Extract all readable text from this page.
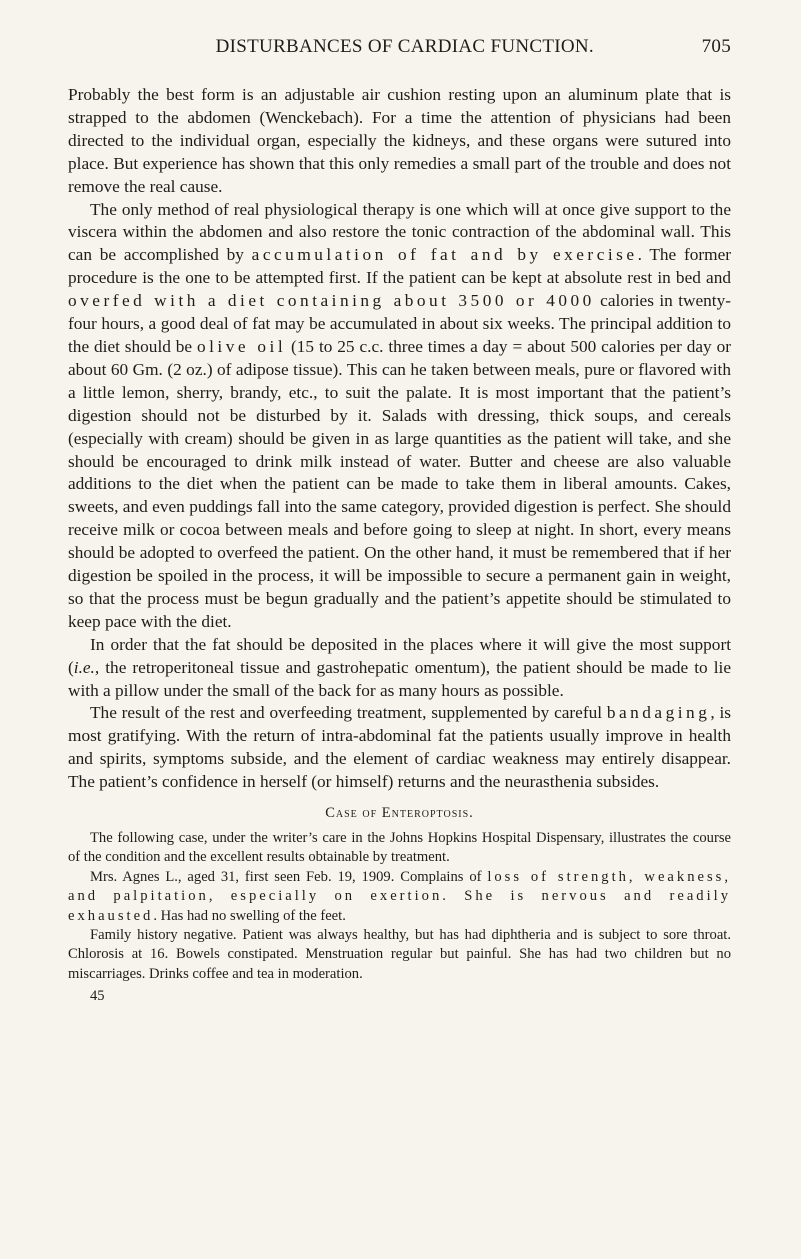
DISTURBANCES OF CARDIAC FUNCTION.	705

Probably the best form is an adjustable air cushion resting upon an aluminum plate that is strapped to the abdomen (Wenckebach). For a time the attention of physicians had been directed to the individual organ, especially the kidneys, and these organs were sutured into place. But experience has shown that this only remedies a small part of the trouble and does not remove the real cause.

The only method of real physiological therapy is one which will at once give support to the viscera within the abdomen and also restore the tonic contraction of the abdominal wall. This can be accomplished by accumulation of fat and by exercise. The former procedure is the one to be attempted first. If the patient can be kept at absolute rest in bed and overfed with a diet containing about 3500 or 4000 calories in twenty-four hours, a good deal of fat may be accumulated in about six weeks. The principal addition to the diet should be olive oil (15 to 25 c.c. three times a day = about 500 calories per day or about 60 Gm. (2 oz.) of adipose tissue). This can he taken between meals, pure or flavored with a little lemon, sherry, brandy, etc., to suit the palate. It is most important that the patient’s digestion should not be disturbed by it. Salads with dressing, thick soups, and cereals (especially with cream) should be given in as large quantities as the patient will take, and she should be encouraged to drink milk instead of water. Butter and cheese are also valuable additions to the diet when the patient can be made to take them in liberal amounts. Cakes, sweets, and even puddings fall into the same category, provided digestion is perfect. She should receive milk or cocoa between meals and before going to sleep at night. In short, every means should be adopted to overfeed the patient. On the other hand, it must be remembered that if her digestion be spoiled in the process, it will be impossible to secure a permanent gain in weight, so that the process must be begun gradually and the patient’s appetite should be stimulated to keep pace with the diet.

In order that the fat should be deposited in the places where it will give the most support (i.e., the retroperitoneal tissue and gastrohepatic omentum), the patient should be made to lie with a pillow under the small of the back for as many hours as possible.

The result of the rest and overfeeding treatment, supplemented by careful bandaging, is most gratifying. With the return of intra-abdominal fat the patients usually improve in health and spirits, symptoms subside, and the element of cardiac weakness may entirely disappear. The patient’s confidence in herself (or himself) returns and the neurasthenia subsides.

Case of Enteroptosis.

The following case, under the writer’s care in the Johns Hopkins Hospital Dispensary, illustrates the course of the condition and the excellent results obtainable by treatment.

Mrs. Agnes L., aged 31, first seen Feb. 19, 1909. Complains of loss of strength, weakness, and palpitation, especially on exertion. She is nervous and readily exhausted. Has had no swelling of the feet.

Family history negative. Patient was always healthy, but has had diphtheria and is subject to sore throat. Chlorosis at 16. Bowels constipated. Menstruation regular but painful. She has had two children but no miscarriages. Drinks coffee and tea in moderation.

45
